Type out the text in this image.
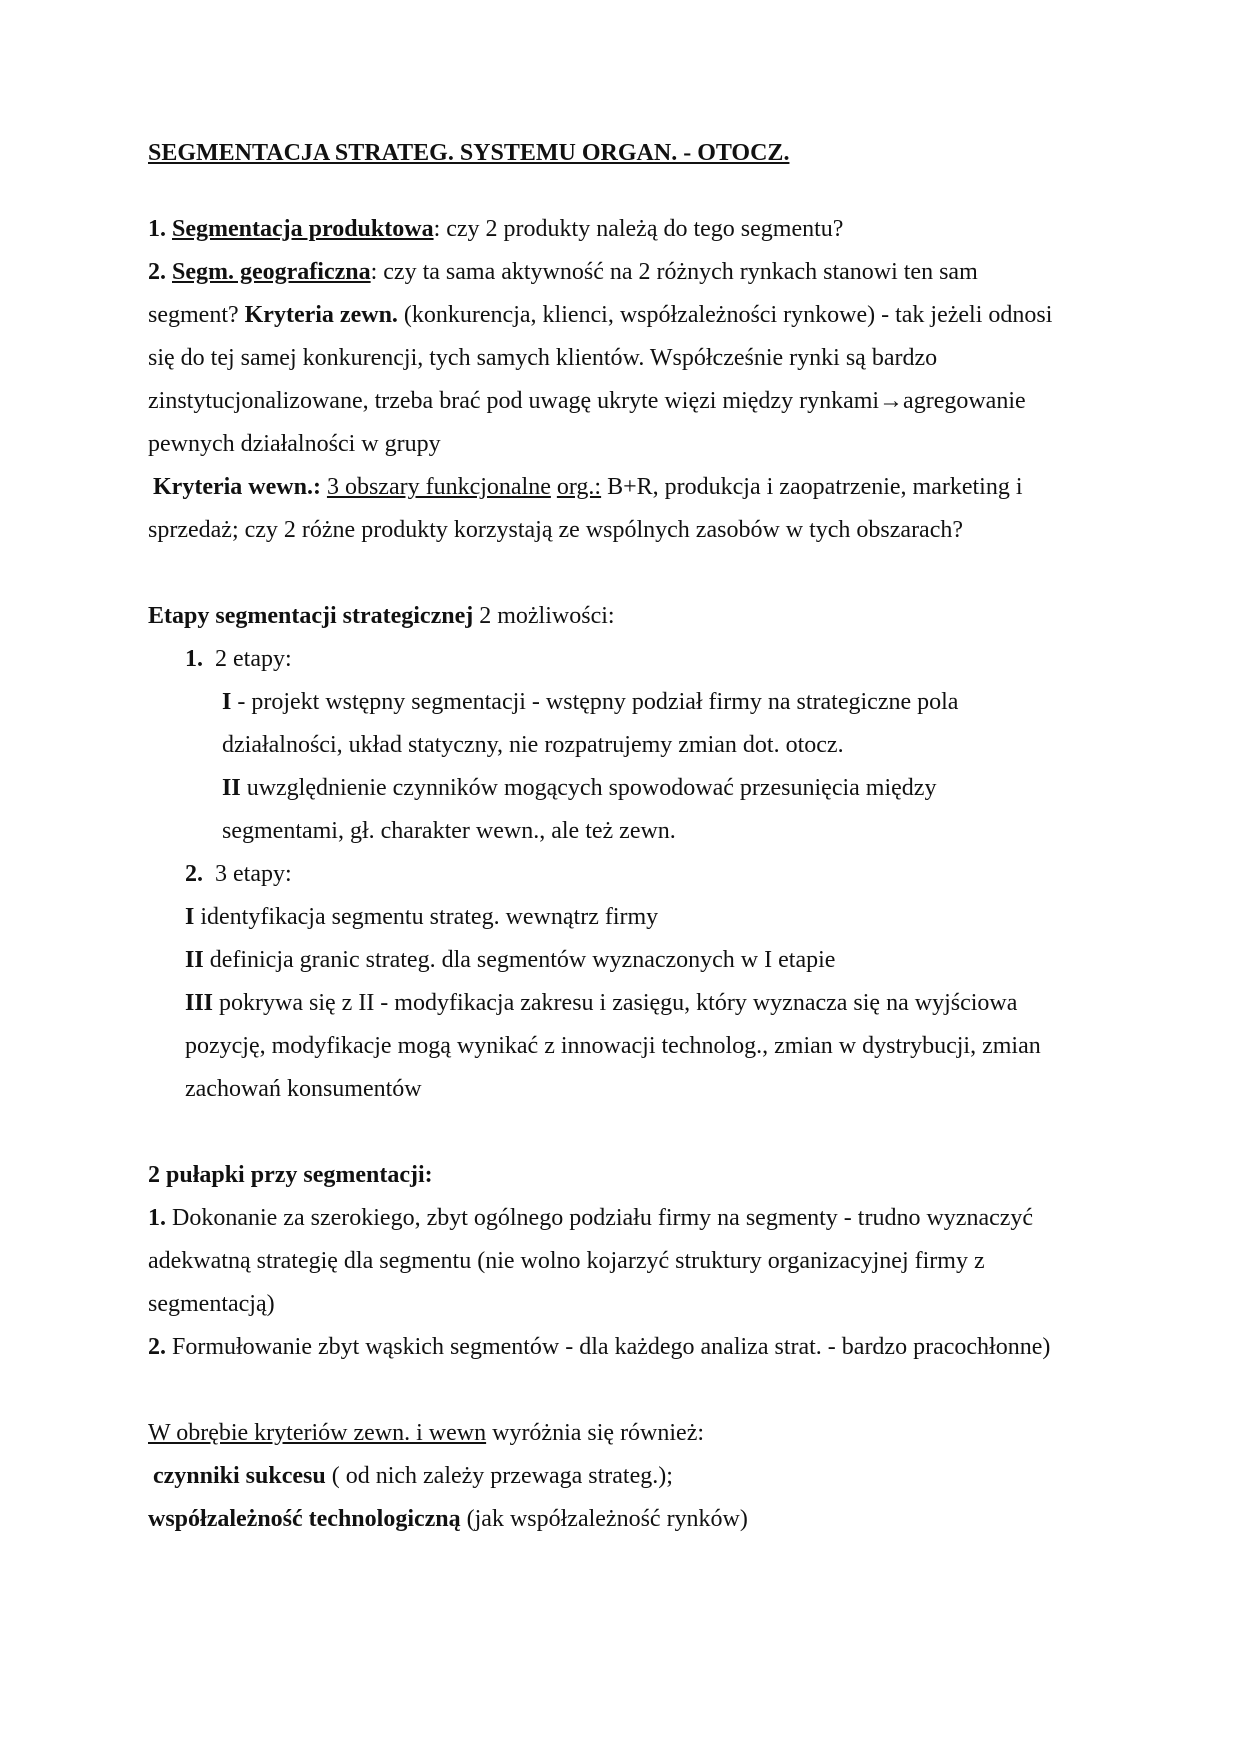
SEGMENTACJA STRATEG. SYSTEMU ORGAN. - OTOCZ.
1. Segmentacja produktowa: czy 2 produkty należą do tego segmentu?
2. Segm. geograficzna: czy ta sama aktywność na 2 różnych rynkach stanowi ten sam
segment? Kryteria zewn. (konkurencja, klienci, współzależności rynkowe) - tak jeżeli odnosi
się do tej samej konkurencji, tych samych klientów. Współcześnie rynki są bardzo
zinstytucjonalizowane, trzeba brać pod uwagę ukryte więzi między rynkami→agregowanie
pewnych działalności w grupy
Kryteria wewn.: 3 obszary funkcjonalne org.: B+R, produkcja i zaopatrzenie, marketing i
sprzedaż; czy 2 różne produkty korzystają ze wspólnych zasobów w tych obszarach?
Etapy segmentacji strategicznej 2 możliwości:
1. 2 etapy:
I - projekt wstępny segmentacji - wstępny podział firmy na strategiczne pola
działalności, układ statyczny, nie rozpatrujemy zmian dot. otocz.
II uwzględnienie czynników mogących spowodować przesunięcia między
segmentami, gł. charakter wewn., ale też zewn.
2. 3 etapy:
I identyfikacja segmentu strateg. wewnątrz firmy
II definicja granic strateg. dla segmentów wyznaczonych w I etapie
III pokrywa się z II - modyfikacja zakresu i zasięgu, który wyznacza się na wyjściowa
pozycję, modyfikacje mogą wynikać z innowacji technolog., zmian w dystrybucji, zmian
zachowań konsumentów
2 pułapki przy segmentacji:
1. Dokonanie za szerokiego, zbyt ogólnego podziału firmy na segmenty - trudno wyznaczyć
adekwatną strategię dla segmentu (nie wolno kojarzyć struktury organizacyjnej firmy z
segmentacją)
2. Formułowanie zbyt wąskich segmentów - dla każdego analiza strat. - bardzo pracochłonne)
W obrębie kryteriów zewn. i wewn wyróżnia się również:
czynniki sukcesu ( od nich zależy przewaga strateg.);
współzależność technologiczną (jak współzależność rynków)
